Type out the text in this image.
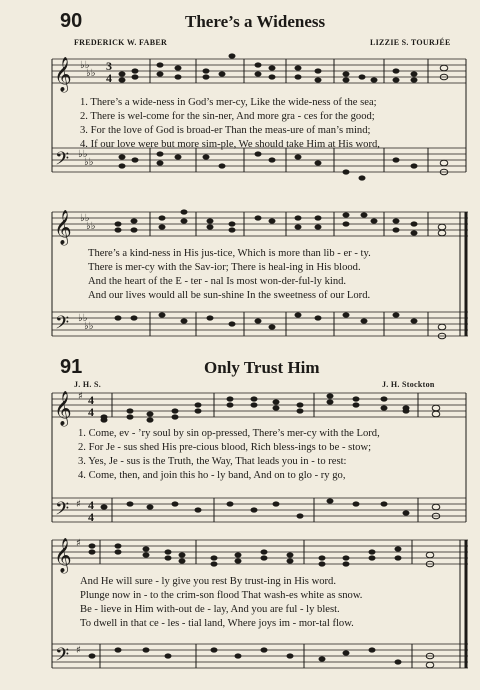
90	There’s a Wideness
FREDERICK W. FABER	LIZZIE S. TOURJÉE
𝄞 ♭♭
♭♭
3
4
𝄢 ♭♭
♭♭
𝄞 ♭♭
♭♭
𝄢 ♭♭
♭♭
𝄞 ♯ 4
4
𝄢 ♯ 4
4
𝄞 ♯
𝄢 ♯
1. There’s a wide-ness in God’s mer-cy, Like the wide-ness of the sea;
2. There is wel-come for the sin-ner, And more gra - ces for the good;
3. For the love of God is broad-er Than the meas-ure of man’s mind;
4. If our love were but more sim-ple, We should take Him at His word,
There’s a kind-ness in His jus-tice, Which is more than lib - er - ty.
There is mer-cy with the Sav-ior; There is heal-ing in His blood.
And the heart of the E - ter - nal Is most won-der-ful-ly kind.
And our lives would all be sun-shine In the sweetness of our Lord.
91	Only Trust Him
J. H. S.	J. H. Stockton
1. Come, ev - ’ry soul by sin op-pressed, There’s mer-cy with the Lord,
2. For Je - sus shed His pre-cious blood, Rich bless-ings to be - stow;
3. Yes, Je - sus is the Truth, the Way, That leads you in - to rest:
4. Come, then, and join this ho - ly band, And on to glo - ry go,
And He will sure - ly give you rest By trust-ing in His word.
Plunge now in - to the crim-son flood That wash-es white as snow.
Be - lieve in Him with-out de - lay, And you are ful - ly blest.
To dwell in that ce - les - tial land, Where joys im - mor-tal flow.
